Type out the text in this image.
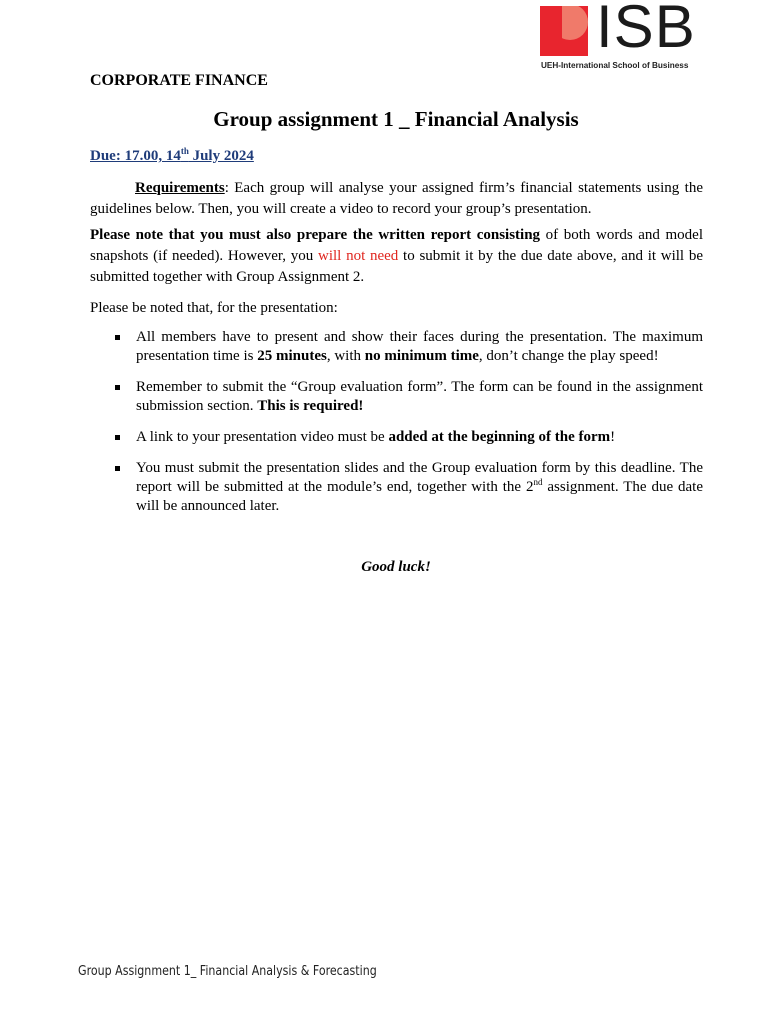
ISB
UEH-International School of Business
CORPORATE FINANCE
Group assignment 1 _ Financial Analysis
Due: 17.00, 14th July 2024

Requirements: Each group will analyse your assigned firm’s financial statements using the guidelines below. Then, you will create a video to record your group’s presentation.

Please note that you must also prepare the written report consisting of both words and model snapshots (if needed). However, you will not need to submit it by the due date above, and it will be submitted together with Group Assignment 2.

Please be noted that, for the presentation:

All members have to present and show their faces during the presentation. The maximum presentation time is 25 minutes, with no minimum time, don’t change the play speed!
Remember to submit the “Group evaluation form”. The form can be found in the assignment submission section. This is required!
A link to your presentation video must be added at the beginning of the form!
You must submit the presentation slides and the Group evaluation form by this deadline. The report will be submitted at the module’s end, together with the 2nd assignment. The due date will be announced later.
Good luck!
Group Assignment 1_ Financial Analysis & Forecasting
